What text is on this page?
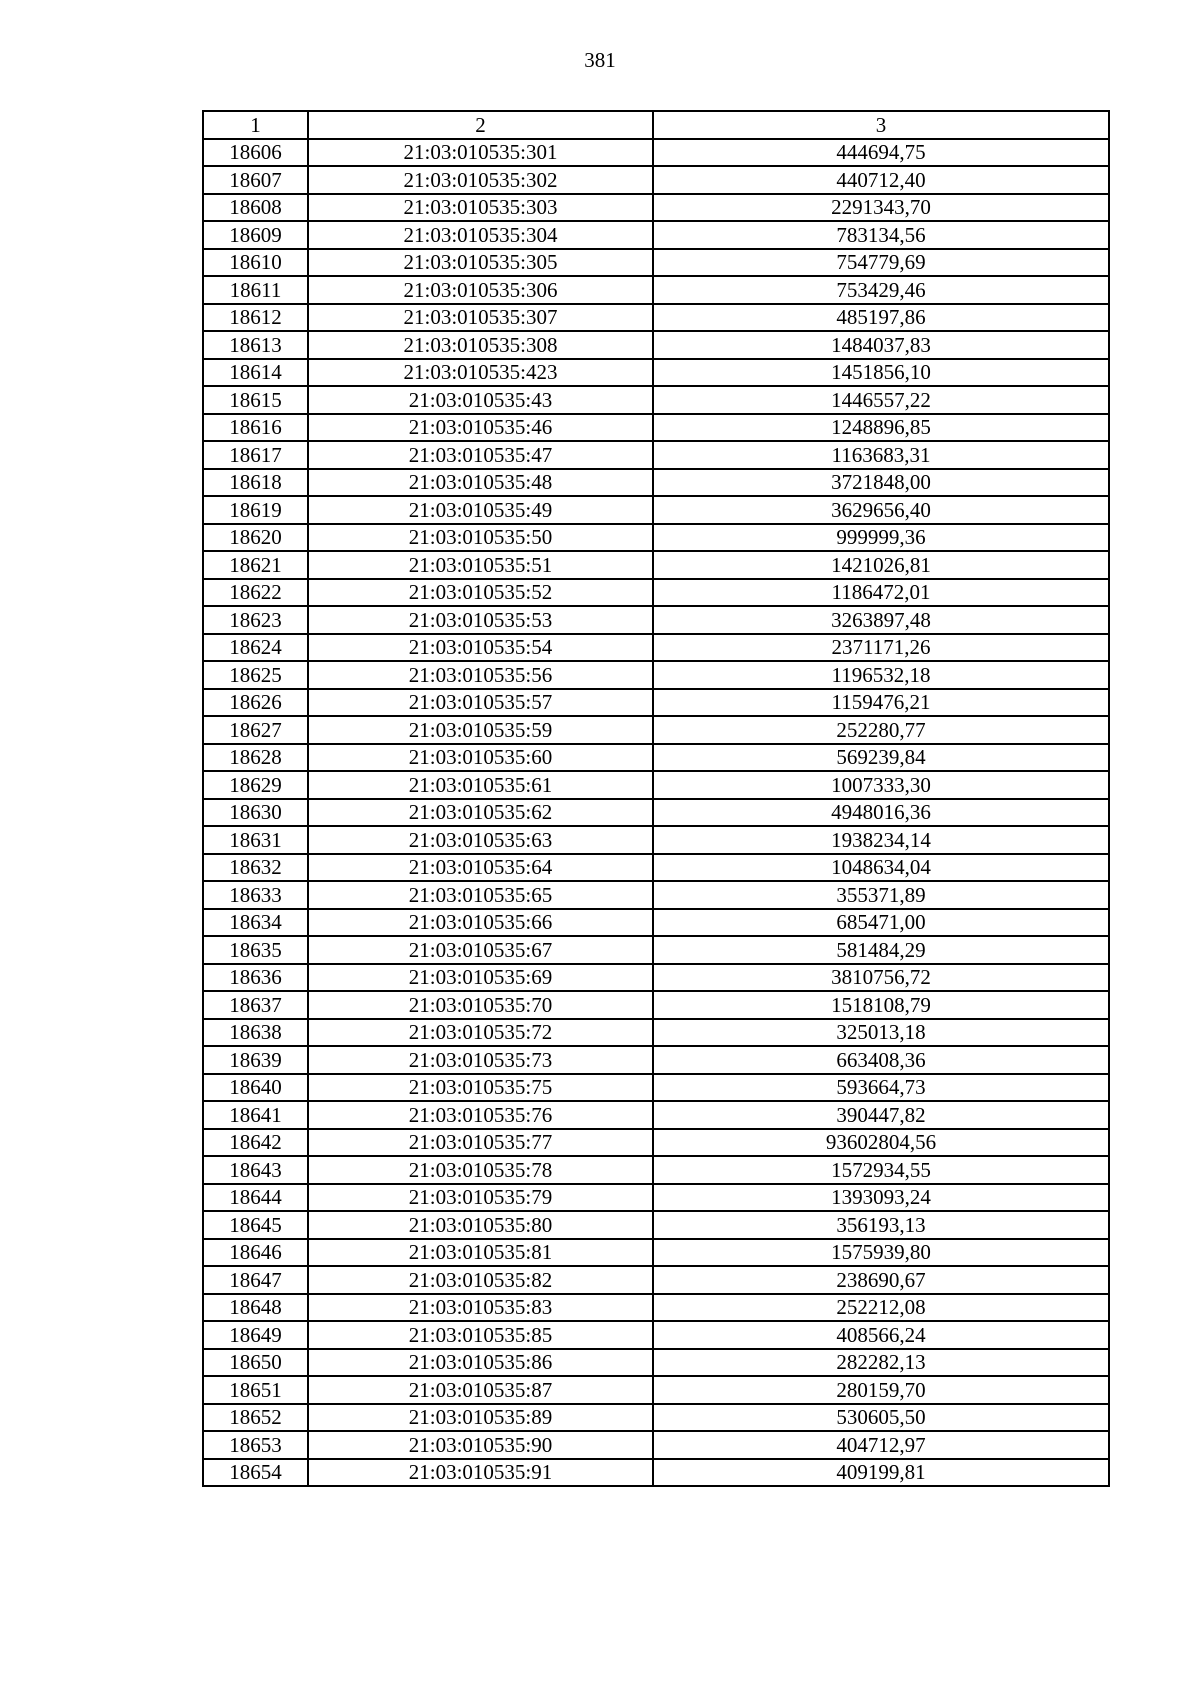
381
1	2	3
18606	21:03:010535:301	444694,75
18607	21:03:010535:302	440712,40
18608	21:03:010535:303	2291343,70
18609	21:03:010535:304	783134,56
18610	21:03:010535:305	754779,69
18611	21:03:010535:306	753429,46
18612	21:03:010535:307	485197,86
18613	21:03:010535:308	1484037,83
18614	21:03:010535:423	1451856,10
18615	21:03:010535:43	1446557,22
18616	21:03:010535:46	1248896,85
18617	21:03:010535:47	1163683,31
18618	21:03:010535:48	3721848,00
18619	21:03:010535:49	3629656,40
18620	21:03:010535:50	999999,36
18621	21:03:010535:51	1421026,81
18622	21:03:010535:52	1186472,01
18623	21:03:010535:53	3263897,48
18624	21:03:010535:54	2371171,26
18625	21:03:010535:56	1196532,18
18626	21:03:010535:57	1159476,21
18627	21:03:010535:59	252280,77
18628	21:03:010535:60	569239,84
18629	21:03:010535:61	1007333,30
18630	21:03:010535:62	4948016,36
18631	21:03:010535:63	1938234,14
18632	21:03:010535:64	1048634,04
18633	21:03:010535:65	355371,89
18634	21:03:010535:66	685471,00
18635	21:03:010535:67	581484,29
18636	21:03:010535:69	3810756,72
18637	21:03:010535:70	1518108,79
18638	21:03:010535:72	325013,18
18639	21:03:010535:73	663408,36
18640	21:03:010535:75	593664,73
18641	21:03:010535:76	390447,82
18642	21:03:010535:77	93602804,56
18643	21:03:010535:78	1572934,55
18644	21:03:010535:79	1393093,24
18645	21:03:010535:80	356193,13
18646	21:03:010535:81	1575939,80
18647	21:03:010535:82	238690,67
18648	21:03:010535:83	252212,08
18649	21:03:010535:85	408566,24
18650	21:03:010535:86	282282,13
18651	21:03:010535:87	280159,70
18652	21:03:010535:89	530605,50
18653	21:03:010535:90	404712,97
18654	21:03:010535:91	409199,81
